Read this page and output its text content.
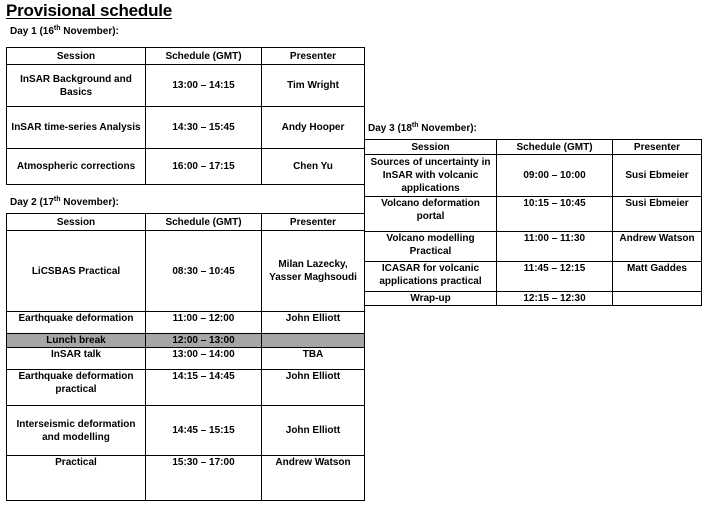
Provisional schedule
Day 1 (16th November):
Session	Schedule (GMT)	Presenter
InSAR Background and Basics	13:00 – 14:15	Tim Wright
InSAR time-series Analysis	14:30 – 15:45	Andy Hooper
Atmospheric corrections	16:00 – 17:15	Chen Yu
Day 2 (17th November):
Session	Schedule (GMT)	Presenter
LiCSBAS Practical	08:30 – 10:45	Milan Lazecky, Yasser Maghsoudi
Earthquake deformation	11:00 – 12:00	John Elliott
Lunch break	12:00 – 13:00	
InSAR talk	13:00 – 14:00	TBA
Earthquake deformation practical	14:15 – 14:45	John Elliott
Interseismic deformation and modelling	14:45 – 15:15	John Elliott
Practical	15:30 – 17:00	Andrew Watson
Day 3 (18th November):
Session	Schedule (GMT)	Presenter
Sources of uncertainty in InSAR with volcanic applications	09:00 – 10:00	Susi Ebmeier
Volcano deformation portal	10:15 – 10:45	Susi Ebmeier
Volcano modelling Practical	11:00 – 11:30	Andrew Watson
ICASAR for volcanic applications practical	11:45 – 12:15	Matt Gaddes
Wrap-up	12:15 – 12:30	
